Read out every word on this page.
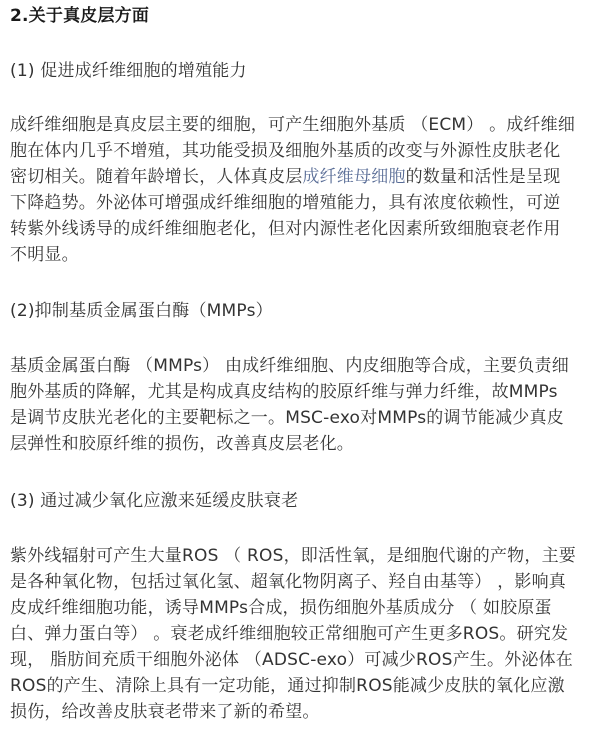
2.关于真皮层方面
(1) 促进成纤维细胞的增殖能力
成纤维细胞是真皮层主要的细胞，可产生细胞外基质 （ECM） 。成纤维细
胞在体内几乎不增殖，其功能受损及细胞外基质的改变与外源性皮肤老化
密切相关。随着年龄增长，人体真皮层成纤维母细胞的数量和活性是呈现
下降趋势。外泌体可增强成纤维细胞的增殖能力，具有浓度依赖性，可逆
转紫外线诱导的成纤维细胞老化，但对内源性老化因素所致细胞衰老作用
不明显。
(2)抑制基质金属蛋白酶（MMPs）
基质金属蛋白酶 （MMPs） 由成纤维细胞、内皮细胞等合成，主要负责细
胞外基质的降解，尤其是构成真皮结构的胶原纤维与弹力纤维，故MMPs
是调节皮肤光老化的主要靶标之一。MSC-exo对MMPs的调节能减少真皮
层弹性和胶原纤维的损伤，改善真皮层老化。
(3) 通过减少氧化应激来延缓皮肤衰老
紫外线辐射可产生大量ROS （ ROS，即活性氧，是细胞代谢的产物，主要
是各种氧化物，包括过氧化氢、超氧化物阴离子、羟自由基等） ，影响真
皮成纤维细胞功能，诱导MMPs合成，损伤细胞外基质成分 （ 如胶原蛋
白、弹力蛋白等） 。衰老成纤维细胞较正常细胞可产生更多ROS。研究发
现， 脂肪间充质干细胞外泌体 （ADSC-exo）可减少ROS产生。外泌体在
ROS的产生、清除上具有一定功能，通过抑制ROS能减少皮肤的氧化应激
损伤，给改善皮肤衰老带来了新的希望。
